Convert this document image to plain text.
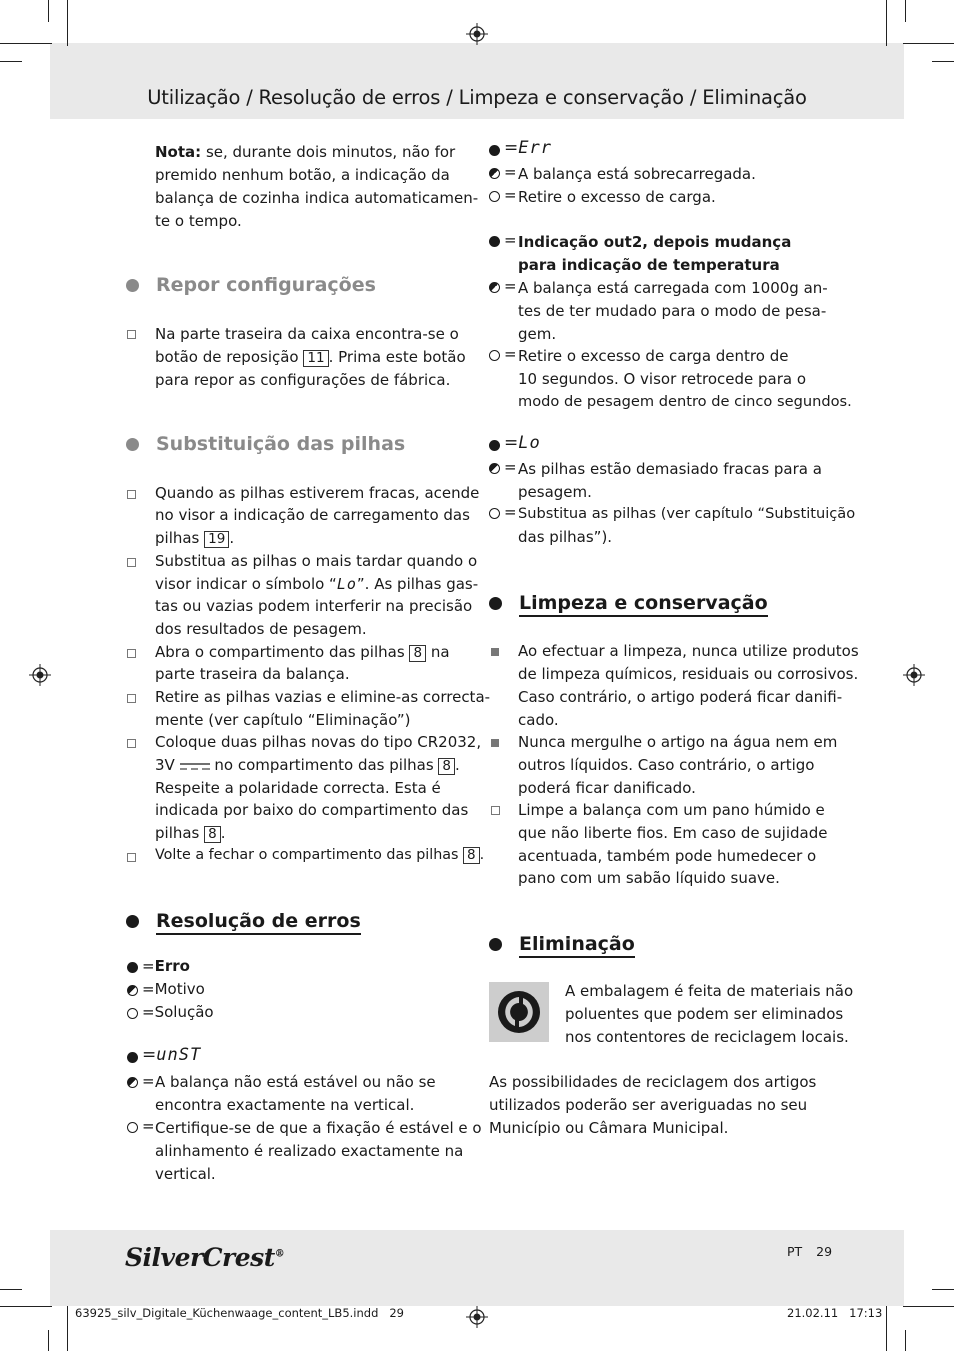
Utilização / Resolução de erros / Limpeza e conservação / Eliminação
Nota: se, durante dois minutos, não for
premido nenhum botão, a indicação da
balança de cozinha indica automaticamen-
te o tempo.
Repor configurações
Na parte traseira da caixa encontra-se o
botão de reposição 11 . Prima este botão
para repor as configurações de fábrica.
Substituição das pilhas
Quando as pilhas estiverem fracas, acende
no visor a indicação de carregamento das
pilhas 19 .
Substitua as pilhas o mais tardar quando o
visor indicar o símbolo “Lo”. As pilhas gas-
tas ou vazias podem interferir na precisão
dos resultados de pesagem.
Abra o compartimento das pilhas 8 na
parte traseira da balança.
Retire as pilhas vazias e elimine-as correcta-
mente (ver capítulo “Eliminação”)
Coloque duas pilhas novas do tipo CR2032,
3V	no compartimento das pilhas 8 .
Respeite a polaridade correcta. Esta é
indicada por baixo do compartimento das
pilhas 8 .
Volte a fechar o compartimento das pilhas 8 .
Resolução de erros
=Erro
=Motivo
=Solução
=unST
= A balança não está estável ou não se
encontra exactamente na vertical.
= Certifique-se de que a fixação é estável e o
alinhamento é realizado exactamente na
vertical.
=Err
= A balança está sobrecarregada.
= Retire o excesso de carga.
= Indicação out2, depois mudança
para indicação de temperatura
= A balança está carregada com 1000g an-
tes de ter mudado para o modo de pesa-
gem.
= Retire o excesso de carga dentro de
10 segundos. O visor retrocede para o
modo de pesagem dentro de cinco segundos.
=Lo
= As pilhas estão demasiado fracas para a
pesagem.
= Substitua as pilhas (ver capítulo “Substituição
das pilhas”).
Limpeza e conservação
Ao efectuar a limpeza, nunca utilize produtos
de limpeza químicos, residuais ou corrosivos.
Caso contrário, o artigo poderá ficar danifi-
cado.
Nunca mergulhe o artigo na água nem em
outros líquidos. Caso contrário, o artigo
poderá ficar danificado.
Limpe a balança com um pano húmido e
que não liberte fios. Em caso de sujidade
acentuada, também pode humedecer o
pano com um sabão líquido suave.
Eliminação
A embalagem é feita de materiais não
poluentes que podem ser eliminados
nos contentores de reciclagem locais.
As possibilidades de reciclagem dos artigos
utilizados poderão ser averiguadas no seu
Município ou Câmara Municipal.
SilverCrest®	PT 29
63925_silv_Digitale_Küchenwaage_content_LB5.indd   29	21.02.11   17:13
